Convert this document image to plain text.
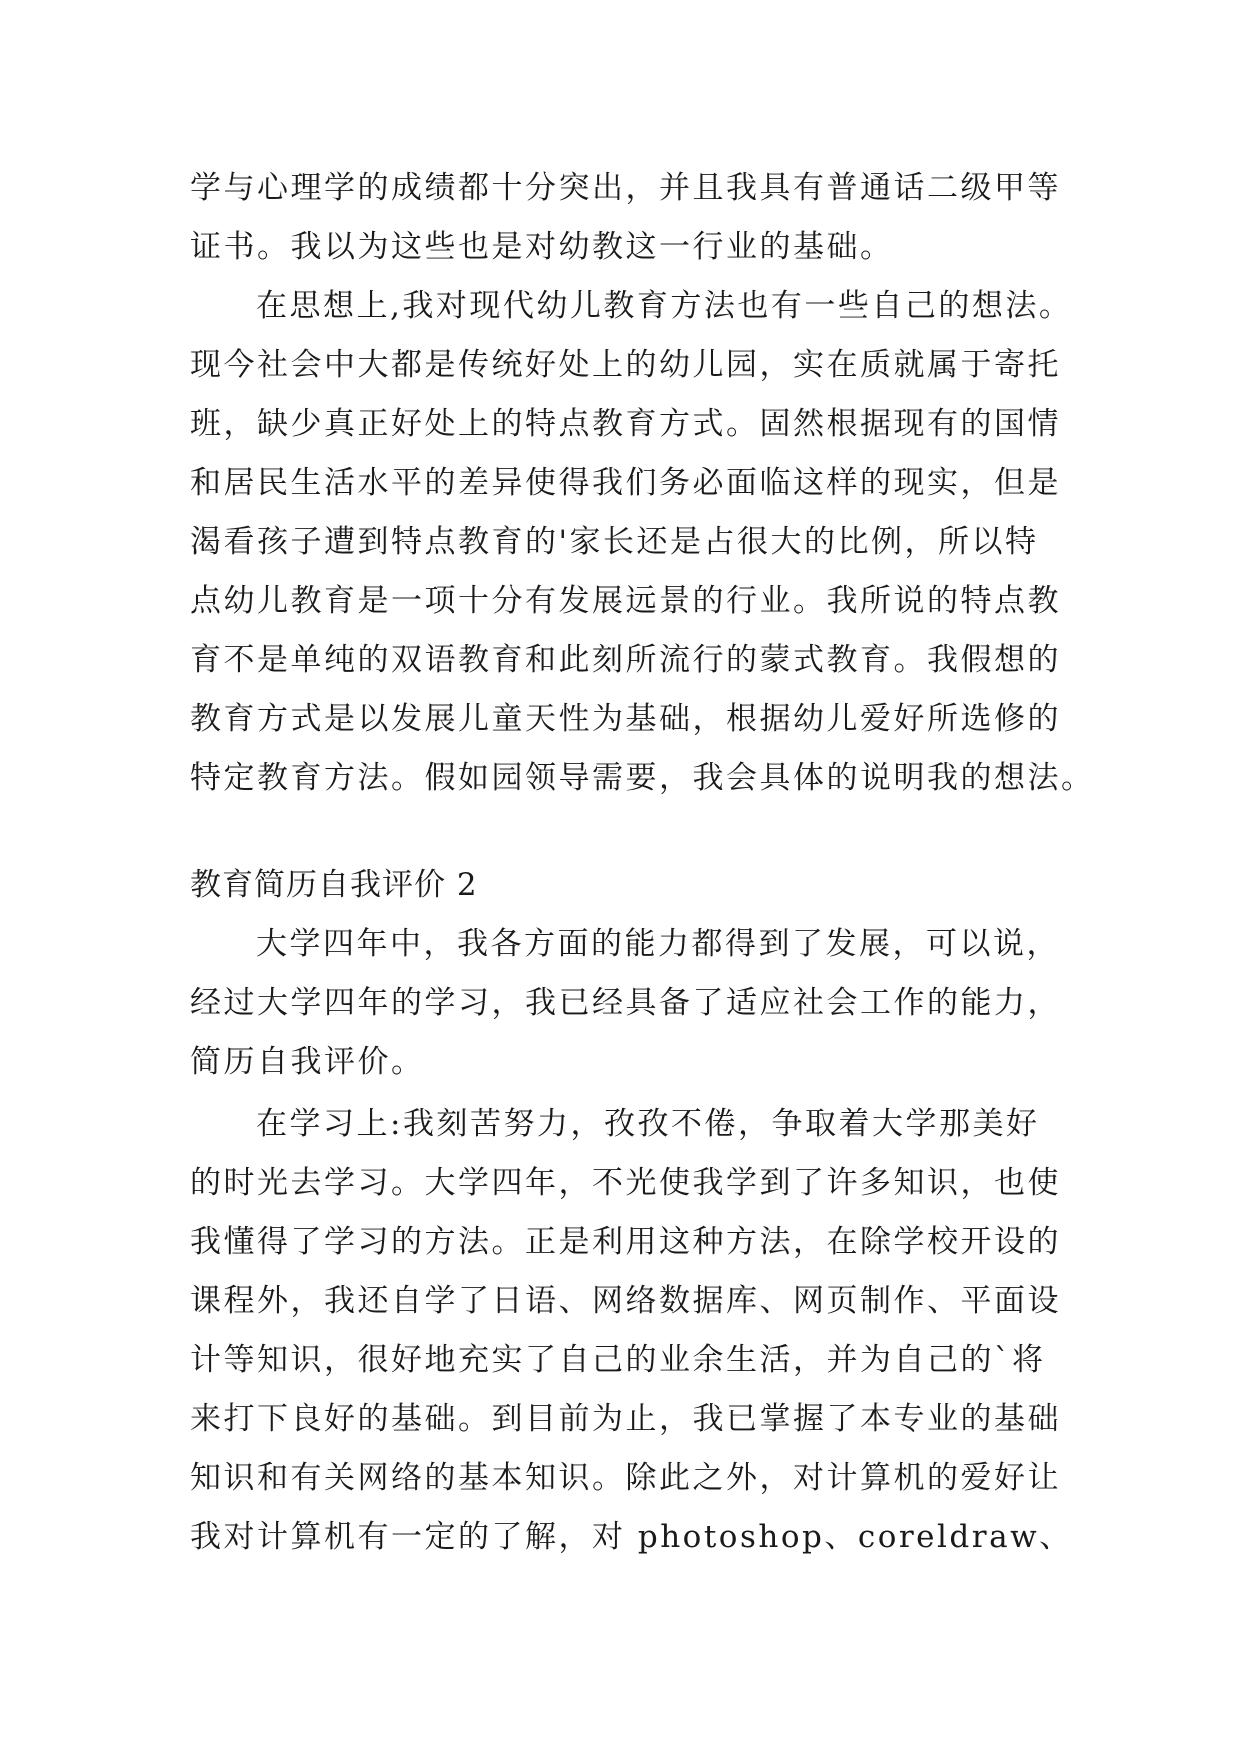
学与心理学的成绩都十分突出，并且我具有普通话二级甲等
证书。我以为这些也是对幼教这一行业的基础。
在思想上,我对现代幼儿教育方法也有一些自己的想法。
现今社会中大都是传统好处上的幼儿园，实在质就属于寄托
班，缺少真正好处上的特点教育方式。固然根据现有的国情
和居民生活水平的差异使得我们务必面临这样的现实，但是
渴看孩子遭到特点教育的'家长还是占很大的比例，所以特
点幼儿教育是一项十分有发展远景的行业。我所说的特点教
育不是单纯的双语教育和此刻所流行的蒙式教育。我假想的
教育方式是以发展儿童天性为基础，根据幼儿爱好所选修的
特定教育方法。假如园领导需要，我会具体的说明我的想法。
教育简历自我评价 2
大学四年中，我各方面的能力都得到了发展，可以说，
经过大学四年的学习，我已经具备了适应社会工作的能力，
简历自我评价。
在学习上:我刻苦努力，孜孜不倦，争取着大学那美好
的时光去学习。大学四年，不光使我学到了许多知识，也使
我懂得了学习的方法。正是利用这种方法，在除学校开设的
课程外，我还自学了日语、网络数据库、网页制作、平面设
计等知识，很好地充实了自己的业余生活，并为自己的`将
来打下良好的基础。到目前为止，我已掌握了本专业的基础
知识和有关网络的基本知识。除此之外，对计算机的爱好让
我对计算机有一定的了解，对 photoshop、coreldraw、
